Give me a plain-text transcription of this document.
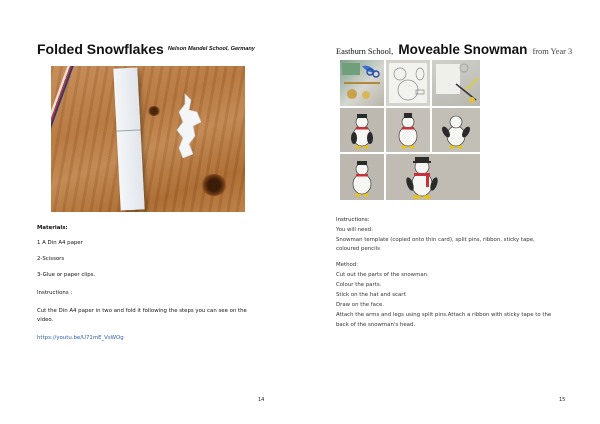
Folded Snowflakes $^{Nelson Mandel School, Germany}$
Materials:
1 A Din A4 paper
2-Scissors
3-Glue or paper clips.
Instructions :
Cut the Din A4 paper in two and fold it following the steps you can see on the
video.
https://youtu.be/U71mE_VsWOg
14
Eastburn School, Moveable Snowman from Year 3
Instructions:
You will need:
Snowman template (copied onto thin card), split pins, ribbon, sticky tape,
coloured pencils
Method:
Cut out the parts of the snowman.
Colour the parts.
Stick on the hat and scarf.
Draw on the face.
Attach the arms and legs using split pins.Attach a ribbon with sticky tape to the
back of the snowman's head.
15
